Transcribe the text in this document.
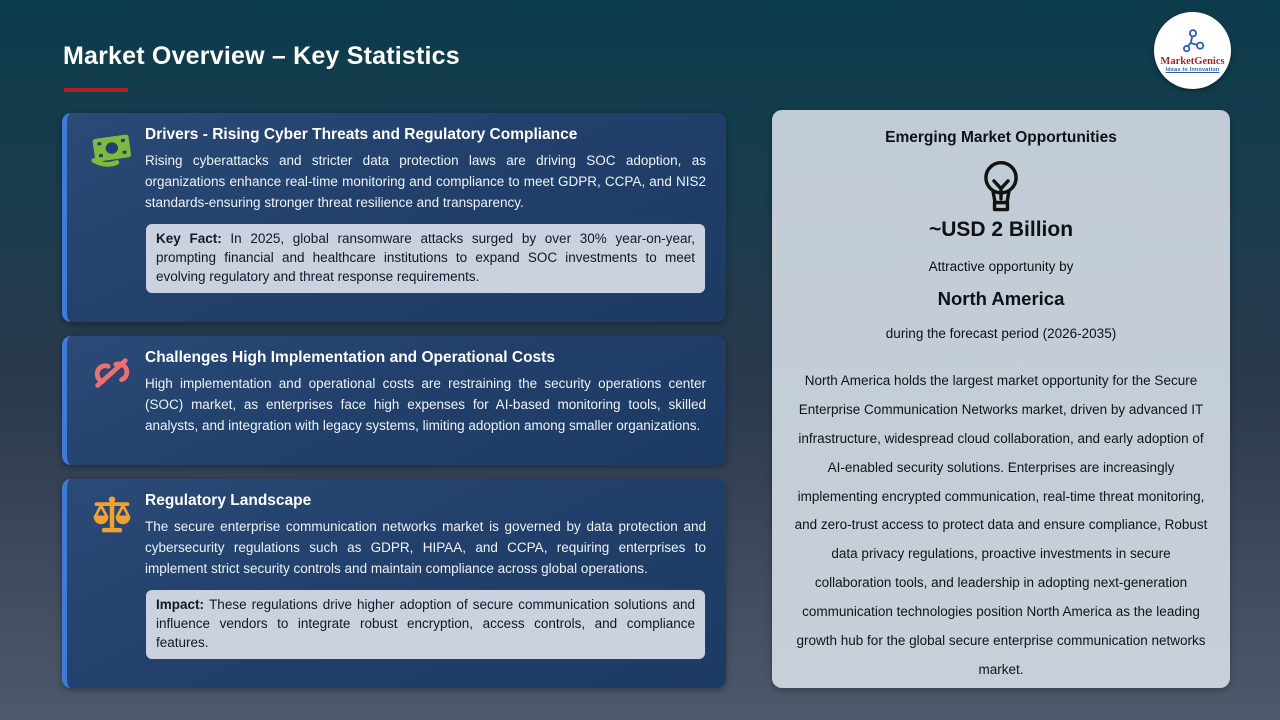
Market Overview – Key Statistics	MarketGenics
Ideas to Innovation
Drivers - Rising Cyber Threats and Regulatory Compliance

Rising cyberattacks and stricter data protection laws are driving SOC adoption, as organizations enhance real-time monitoring and compliance to meet GDPR, CCPA, and NIS2 standards-ensuring stronger threat resilience and transparency.

Key Fact: In 2025, global ransomware attacks surged by over 30% year-on-year, prompting financial and healthcare institutions to expand SOC investments to meet evolving regulatory and threat response requirements.
Challenges High Implementation and Operational Costs

High implementation and operational costs are restraining the security operations center (SOC) market, as enterprises face high expenses for AI-based monitoring tools, skilled analysts, and integration with legacy systems, limiting adoption among smaller organizations.

Regulatory Landscape

The secure enterprise communication networks market is governed by data protection and cybersecurity regulations such as GDPR, HIPAA, and CCPA, requiring enterprises to implement strict security controls and maintain compliance across global operations.

Impact: These regulations drive higher adoption of secure communication solutions and influence vendors to integrate robust encryption, access controls, and compliance features.
Emerging Market Opportunities
~USD 2 Billion
Attractive opportunity by
North America
during the forecast period (2026-2035)
North America holds the largest market opportunity for the Secure Enterprise Communication Networks market, driven by advanced IT infrastructure, widespread cloud collaboration, and early adoption of AI-enabled security solutions. Enterprises are increasingly implementing encrypted communication, real-time threat monitoring, and zero-trust access to protect data and ensure compliance, Robust data privacy regulations, proactive investments in secure collaboration tools, and leadership in adopting next-generation communication technologies position North America as the leading growth hub for the global secure enterprise communication networks market.
